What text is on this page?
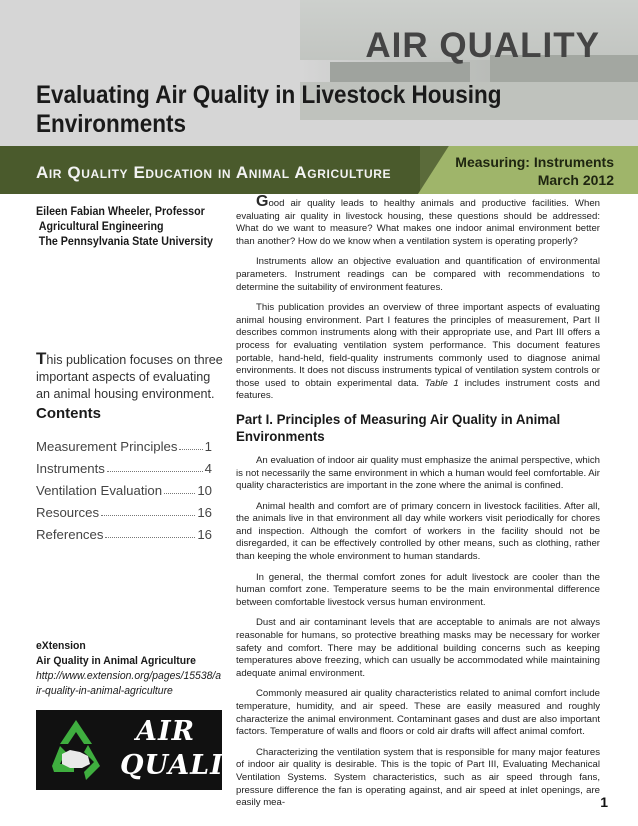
AIR QUALITY
Evaluating Air Quality in Livestock Housing Environments
Air Quality Education in Animal Agriculture
Measuring: Instruments
March 2012
Eileen Fabian Wheeler, Professor
Agricultural Engineering
The Pennsylvania State University
This publication focuses on three important aspects of evaluating an animal housing environment.
Contents
Measurement Principles 1
Instruments	4
Ventilation Evaluation	10
Resources	16
References	16
eXtension
Air Quality in Animal Agriculture
http://www.extension.org/pages/15538/air-quality-in-animal-agriculture
AIR
QUALITY

Good air quality leads to healthy animals and productive facilities. When evaluating air quality in livestock housing, these questions should be addressed: What do we want to measure? What makes one indoor animal environment better than another? How do we know when a ventilation system is operating properly?

Instruments allow an objective evaluation and quantification of environmental parameters. Instrument readings can be compared with recommendations to determine the suitability of environment features.

This publication provides an overview of three important aspects of evaluating animal housing environment. Part I features the principles of measurement, Part II describes common instruments along with their appropriate use, and Part III offers a process for evaluating ventilation system performance. This document features portable, hand-held, field-quality instruments commonly used to diagnose animal environments. It does not discuss instruments typical of ventilation system controls or those used to obtain experimental data. Table 1 includes instrument costs and features.

Part I. Principles of Measuring Air Quality in Animal Environments

An evaluation of indoor air quality must emphasize the animal perspective, which is not necessarily the same environment in which a human would feel comfortable. Air quality characteristics are important in the zone where the animal is confined.

Animal health and comfort are of primary concern in livestock facilities. After all, the animals live in that environment all day while workers visit periodically for chores and inspection. Although the comfort of workers in the facility should not be disregarded, it can be effectively controlled by other means, such as clothing, rather than keeping the whole environment to human standards.

In general, the thermal comfort zones for adult livestock are cooler than the human comfort zone. Temperature seems to be the main environmental difference between comfortable livestock versus human environment.

Dust and air contaminant levels that are acceptable to animals are not always reasonable for humans, so protective breathing masks may be necessary for worker safety and comfort. There may be additional building concerns such as keeping temperatures above freezing, which can usually be accommodated while maintaining adequate animal environment.

Commonly measured air quality characteristics related to animal comfort include temperature, humidity, and air speed. These are easily measured and roughly characterize the animal environment. Contaminant gases and dust are also important factors. Temperature of walls and floors or cold air drafts will affect animal comfort.

Characterizing the ventilation system that is responsible for many major features of indoor air quality is desirable. This is the topic of Part III, Evaluating Mechanical Ventilation Systems. System characteristics, such as air speed through fans, pressure difference the fan is operating against, and air speed at inlet openings, are easily mea-	1
